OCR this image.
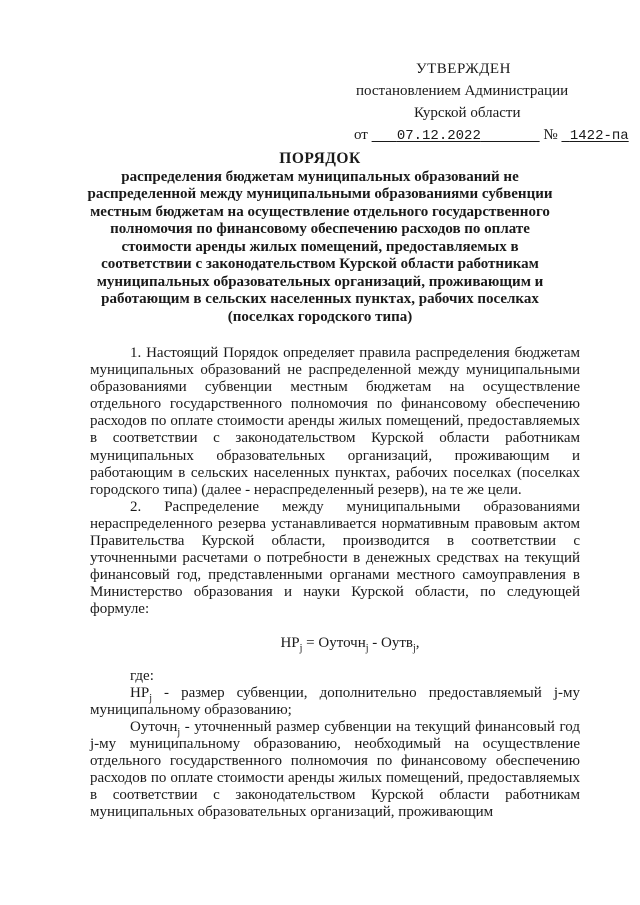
УТВЕРЖДЕН
постановлением Администрации
Курской области
от 07.12.2022	№ 1422-па
ПОРЯДОК
распределения бюджетам муниципальных образований не
распределенной между муниципальными образованиями субвенции
местным бюджетам на осуществление отдельного государственного
полномочия по финансовому обеспечению расходов по оплате
стоимости аренды жилых помещений, предоставляемых в
соответствии с законодательством Курской области работникам
муниципальных образовательных организаций, проживающим и
работающим в сельских населенных пунктах, рабочих поселках
(поселках городского типа)

1. Настоящий Порядок определяет правила распределения бюджетам муниципальных образований не распределенной между муниципальными образованиями субвенции местным бюджетам на осуществление отдельного государственного полномочия по финансовому обеспечению расходов по оплате стоимости аренды жилых помещений, предоставляемых в соответствии с законодательством Курской области работникам муниципальных образовательных организаций, проживающим и работающим в сельских населенных пунктах, рабочих поселках (поселках городского типа) (далее - нераспределенный резерв), на те же цели.

2. Распределение между муниципальными образованиями нераспределенного резерва устанавливается нормативным правовым актом Правительства Курской области, производится в соответствии с уточненными расчетами о потребности в денежных средствах на текущий финансовый год, представленными органами местного самоуправления в Министерство образования и науки Курской области, по следующей формуле:

$НР_j$ = Оуточн$_j$ - Оутв$_j$,

где:

$НР_j$ - размер субвенции, дополнительно предоставляемый j-му муниципальному образованию;

Оуточн$_j$ - уточненный размер субвенции на текущий финансовый год j-му муниципальному образованию, необходимый на осуществление отдельного государственного полномочия по финансовому обеспечению расходов по оплате стоимости аренды жилых помещений, предоставляемых в соответствии с законодательством Курской области работникам муниципальных образовательных организаций, проживающим
